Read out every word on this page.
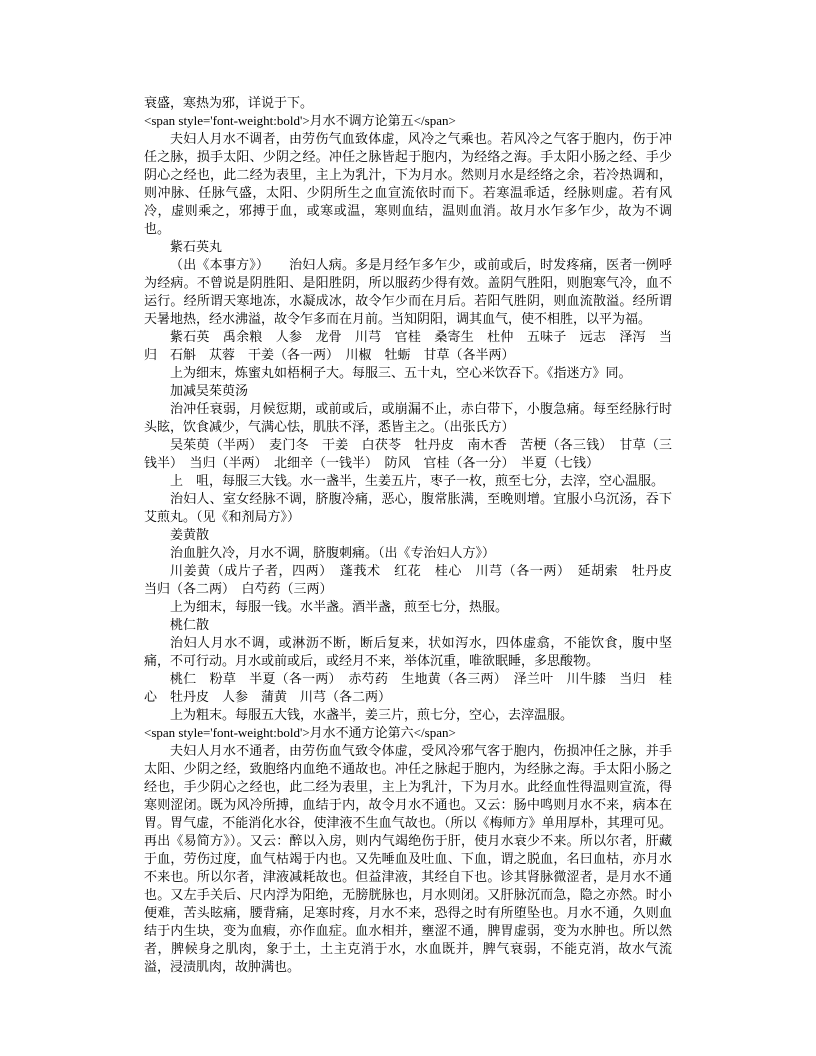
衰盛，寒热为邪，详说于下。

<span style='font-weight:bold'>月水不调方论第五</span>

夫妇人月水不调者，由劳伤气血致体虚，风冷之气乘也。若风冷之气客于胞内，伤于冲任之脉，损手太阳、少阴之经。冲任之脉皆起于胞内，为经络之海。手太阳小肠之经、手少阴心之经也，此二经为表里，主上为乳汁，下为月水。然则月水是经络之余，若冷热调和，则冲脉、任脉气盛，太阳、少阴所生之血宣流依时而下。若寒温乖适，经脉则虚。若有风冷，虚则乘之，邪搏于血，或寒或温，寒则血结，温则血消。故月水乍多乍少，故为不调也。

紫石英丸

（出《本事方》）　　治妇人病。多是月经乍多乍少，或前或后，时发疼痛，医者一例呼为经病。不曾说是阴胜阳、是阳胜阴，所以服药少得有效。盖阴气胜阳，则胞寒气冷，血不运行。经所谓天寒地冻，水凝成冰，故令乍少而在月后。若阳气胜阴，则血流散溢。经所谓天暑地热，经水沸溢，故令乍多而在月前。当知阴阳，调其血气，使不相胜，以平为福。

紫石英　禹余粮　人参　龙骨　川芎　官桂　桑寄生　杜仲　五味子　远志　泽泻　当归　石斛　苁蓉　干姜（各一两）　川椒　牡蛎　甘草（各半两）

上为细末，炼蜜丸如梧桐子大。每服三、五十丸，空心米饮吞下。《指迷方》同。

加减吴茱萸汤

治冲任衰弱，月候愆期，或前或后，或崩漏不止，赤白带下，小腹急痛。每至经脉行时头眩，饮食减少，气满心怯，肌肤不泽，悉皆主之。（出张氏方）

吴茱萸（半两）　麦门冬　干姜　白茯苓　牡丹皮　南木香　苦梗（各三钱）　甘草（三钱半）　当归（半两）　北细辛（一钱半）　防风　官桂（各一分）　半夏（七钱）

上　咀，每服三大钱。水一盏半，生姜五片，枣子一枚，煎至七分，去滓，空心温服。

治妇人、室女经脉不调，脐腹冷痛，恶心，腹常胀满，至晚则增。宜服小乌沉汤，吞下艾煎丸。（见《和剂局方》）

姜黄散

治血脏久冷，月水不调，脐腹刺痛。（出《专治妇人方》）

川姜黄（成片子者，四两）　蓬莪术　红花　桂心　川芎（各一两）　延胡索　牡丹皮　当归（各二两）　白芍药（三两）

上为细末，每服一钱。水半盏。酒半盏，煎至七分，热服。

桃仁散

治妇人月水不调，或淋沥不断，断后复来，状如泻水，四体虚翕，不能饮食，腹中坚痛，不可行动。月水或前或后，或经月不来，举体沉重，唯欲眠睡，多思酸物。

桃仁　粉草　半夏（各一两）　赤芍药　生地黄（各三两）　泽兰叶　川牛膝　当归　桂心　牡丹皮　人参　蒲黄　川芎（各二两）

上为粗末。每服五大钱，水盏半，姜三片，煎七分，空心，去滓温服。

<span style='font-weight:bold'>月水不通方论第六</span>

夫妇人月水不通者，由劳伤血气致令体虚，受风冷邪气客于胞内，伤损冲任之脉，并手太阳、少阴之经，致胞络内血绝不通故也。冲任之脉起于胞内，为经脉之海。手太阳小肠之经也，手少阴心之经也，此二经为表里，主上为乳汁，下为月水。此经血性得温则宣流，得寒则涩闭。既为风冷所搏，血结于内，故令月水不通也。又云：肠中鸣则月水不来，病本在胃。胃气虚，不能消化水谷，使津液不生血气故也。（所以《梅师方》单用厚朴，其理可见。再出《易简方》）。又云：醉以入房，则内气竭绝伤于肝，使月水衰少不来。所以尔者，肝藏于血，劳伤过度，血气枯竭于内也。又先唾血及吐血、下血，谓之脱血，名曰血枯，亦月水不来也。所以尔者，津液减耗故也。但益津液，其经自下也。诊其肾脉微涩者，是月水不通也。又左手关后、尺内浮为阳绝，无膀胱脉也，月水则闭。又肝脉沉而急，隐之亦然。时小便难，苦头眩痛，腰背痛，足寒时疼，月水不来，恐得之时有所堕坠也。月水不通，久则血结于内生块，变为血瘕，亦作血症。血水相并，壅涩不通，脾胃虚弱，变为水肿也。所以然者，脾候身之肌肉，象于土，土主克消于水，水血既并，脾气衰弱，不能克消，故水气流溢，浸渍肌肉，故肿满也。
